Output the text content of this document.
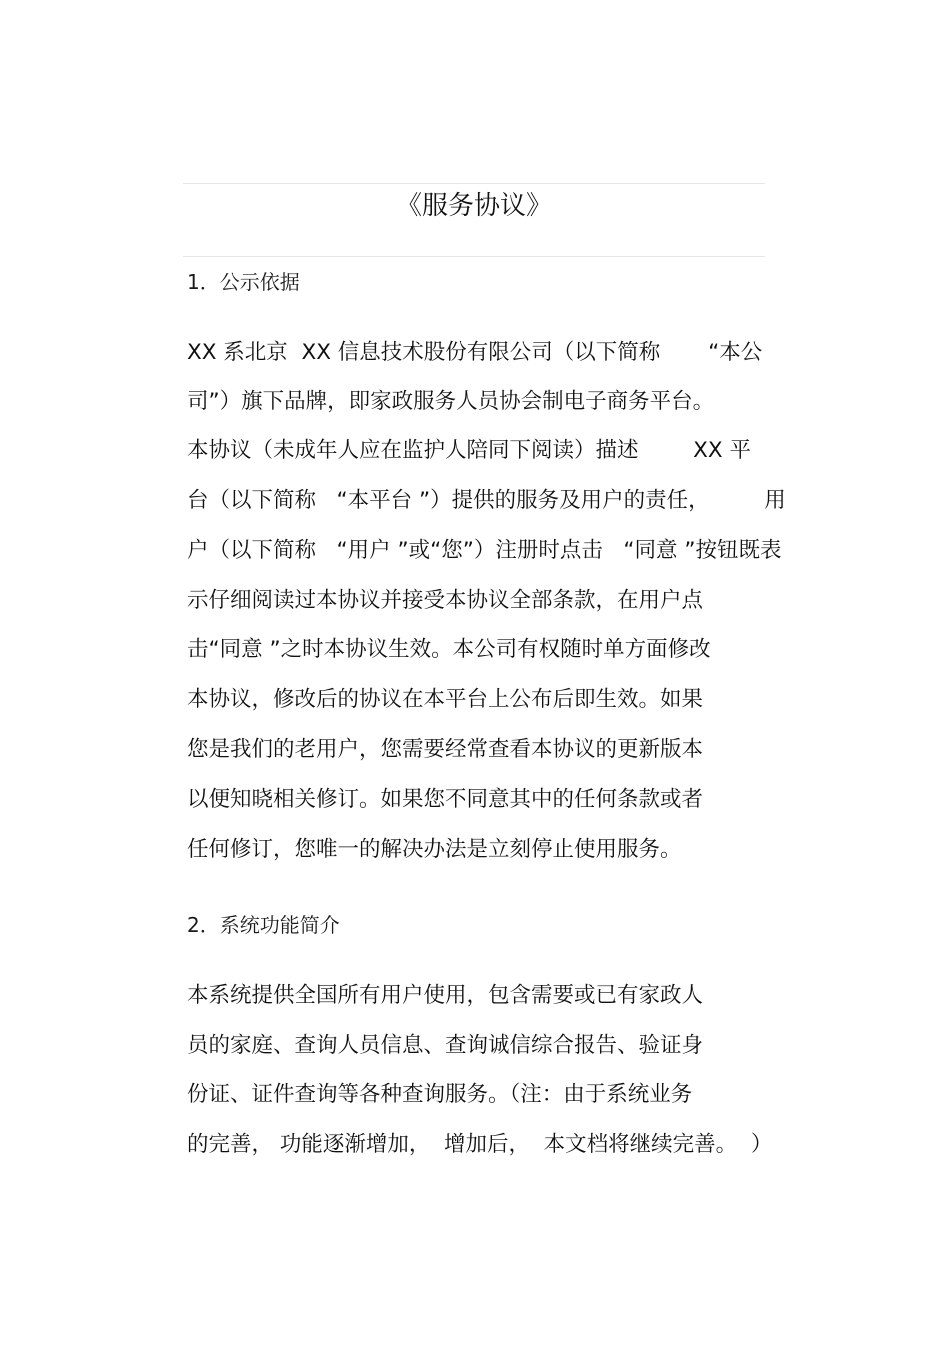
《服务协议》
1．公示依据
XX 系北京  XX 信息技术股份有限公司（以下简称       “本公
司”）旗下品牌，即家政服务人员协会制电子商务平台。
本协议（未成年人应在监护人陪同下阅读）描述        XX 平
台（以下简称   “本平台 ”）提供的服务及用户的责任，        用
户（以下简称   “用户 ”或“您”）注册时点击   “同意 ”按钮既表
示仔细阅读过本协议并接受本协议全部条款，在用户点
击“同意 ”之时本协议生效。本公司有权随时单方面修改
本协议，修改后的协议在本平台上公布后即生效。如果
您是我们的老用户，您需要经常查看本协议的更新版本
以便知晓相关修订。如果您不同意其中的任何条款或者
任何修订，您唯一的解决办法是立刻停止使用服务。
2．系统功能简介
本系统提供全国所有用户使用，包含需要或已有家政人
员的家庭、查询人员信息、查询诚信综合报告、验证身
份证、证件查询等各种查询服务。（注：由于系统业务
的完善， 功能逐渐增加，  增加后，  本文档将继续完善。  ）
